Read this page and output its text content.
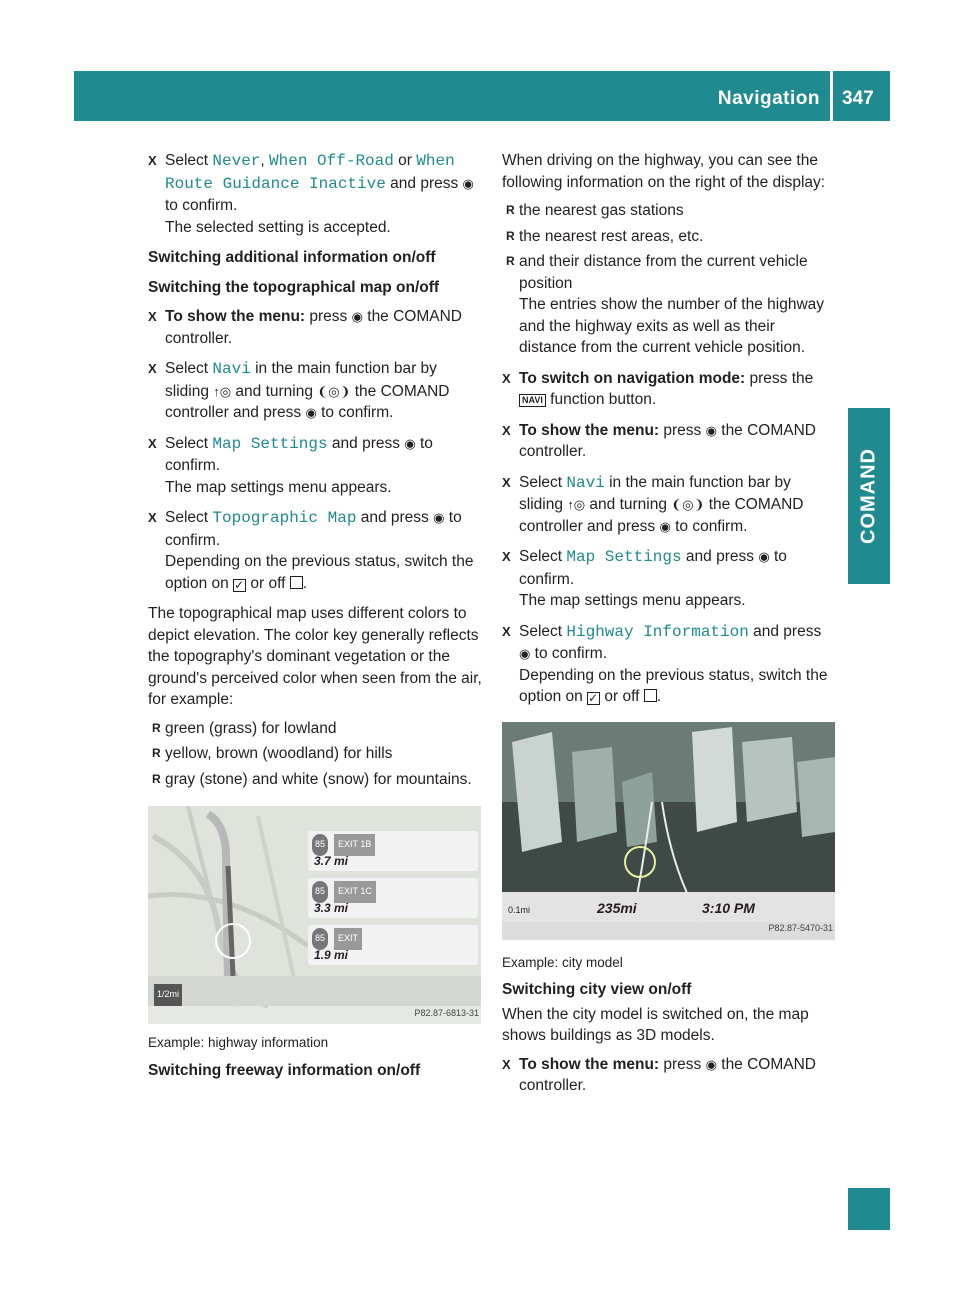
Navigation 347
COMAND

X Select Never, When Off-Road or When Route Guidance Inactive and press ◉ to confirm.
The selected setting is accepted.

Switching additional information on/off

Switching the topographical map on/off

X To show the menu: press ◉ the COMAND controller.

X Select Navi in the main function bar by sliding ↑◎ and turning ❨◎❩ the COMAND controller and press ◉ to confirm.

X Select Map Settings and press ◉ to confirm.
The map settings menu appears.

X Select Topographic Map and press ◉ to confirm.
Depending on the previous status, switch the option on ✓ or off .

The topographical map uses different colors to depict elevation. The color key generally reflects the topography's dominant vegetation or the ground's perceived color when seen from the air, for example:

R green (grass) for lowland

R yellow, brown (woodland) for hills

R gray (stone) and white (snow) for mountains.

85	EXIT 1B
3.7 mi
85	EXIT 1C
3.3 mi
85	EXIT
1.9 mi
1/2mi
P82.87-6813-31

Example: highway information

Switching freeway information on/off

When driving on the highway, you can see the following information on the right of the display:

R the nearest gas stations

R the nearest rest areas, etc.

R and their distance from the current vehicle position
The entries show the number of the highway and the highway exits as well as their distance from the current vehicle position.

X To switch on navigation mode: press the NAVI function button.

X To show the menu: press ◉ the COMAND controller.

X Select Navi in the main function bar by sliding ↑◎ and turning ❨◎❩ the COMAND controller and press ◉ to confirm.

X Select Map Settings and press ◉ to confirm.
The map settings menu appears.

X Select Highway Information and press ◉ to confirm.
Depending on the previous status, switch the option on ✓ or off .

0.1mi	235mi	3:10 PM
P82.87-5470-31

Example: city model

Switching city view on/off

When the city model is switched on, the map shows buildings as 3D models.

X To show the menu: press ◉ the COMAND controller.
